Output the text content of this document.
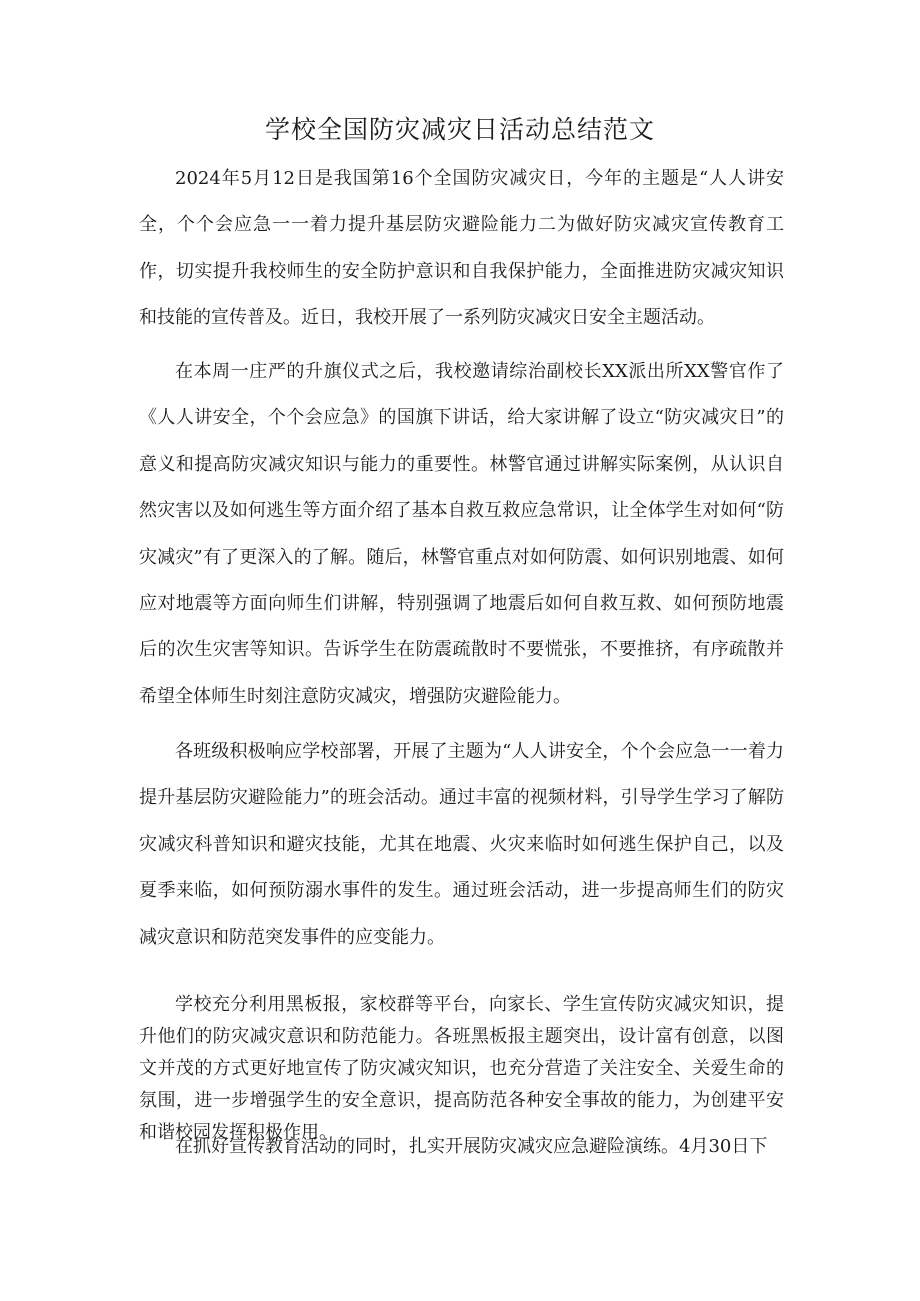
学校全国防灾减灾日活动总结范文

2024年5月12日是我国第16个全国防灾减灾日，今年的主题是“人人讲安全，个个会应急一一着力提升基层防灾避险能力二为做好防灾减灾宣传教育工作，切实提升我校师生的安全防护意识和自我保护能力，全面推进防灾减灾知识和技能的宣传普及。近日，我校开展了一系列防灾减灾日安全主题活动。

在本周一庄严的升旗仪式之后，我校邀请综治副校长XX派出所XX警官作了《人人讲安全，个个会应急》的国旗下讲话，给大家讲解了设立“防灾减灾日”的意义和提高防灾减灾知识与能力的重要性。林警官通过讲解实际案例，从认识自然灾害以及如何逃生等方面介绍了基本自救互救应急常识，让全体学生对如何“防灾减灾”有了更深入的了解。随后，林警官重点对如何防震、如何识别地震、如何应对地震等方面向师生们讲解，特别强调了地震后如何自救互救、如何预防地震后的次生灾害等知识。告诉学生在防震疏散时不要慌张，不要推挤，有序疏散并希望全体师生时刻注意防灾减灾，增强防灾避险能力。

各班级积极响应学校部署，开展了主题为“人人讲安全，个个会应急一一着力提升基层防灾避险能力”的班会活动。通过丰富的视频材料，引导学生学习了解防灾减灾科普知识和避灾技能，尤其在地震、火灾来临时如何逃生保护自己，以及夏季来临，如何预防溺水事件的发生。通过班会活动，进一步提高师生们的防灾减灾意识和防范突发事件的应变能力。

学校充分利用黑板报，家校群等平台，向家长、学生宣传防灾减灾知识，提升他们的防灾减灾意识和防范能力。各班黑板报主题突出，设计富有创意，以图文并茂的方式更好地宣传了防灾减灾知识，也充分营造了关注安全、关爱生命的氛围，进一步增强学生的安全意识，提高防范各种安全事故的能力，为创建平安和谐校园发挥积极作用。

在抓好宣传教育活动的同时，扎实开展防灾减灾应急避险演练。4月30日下
